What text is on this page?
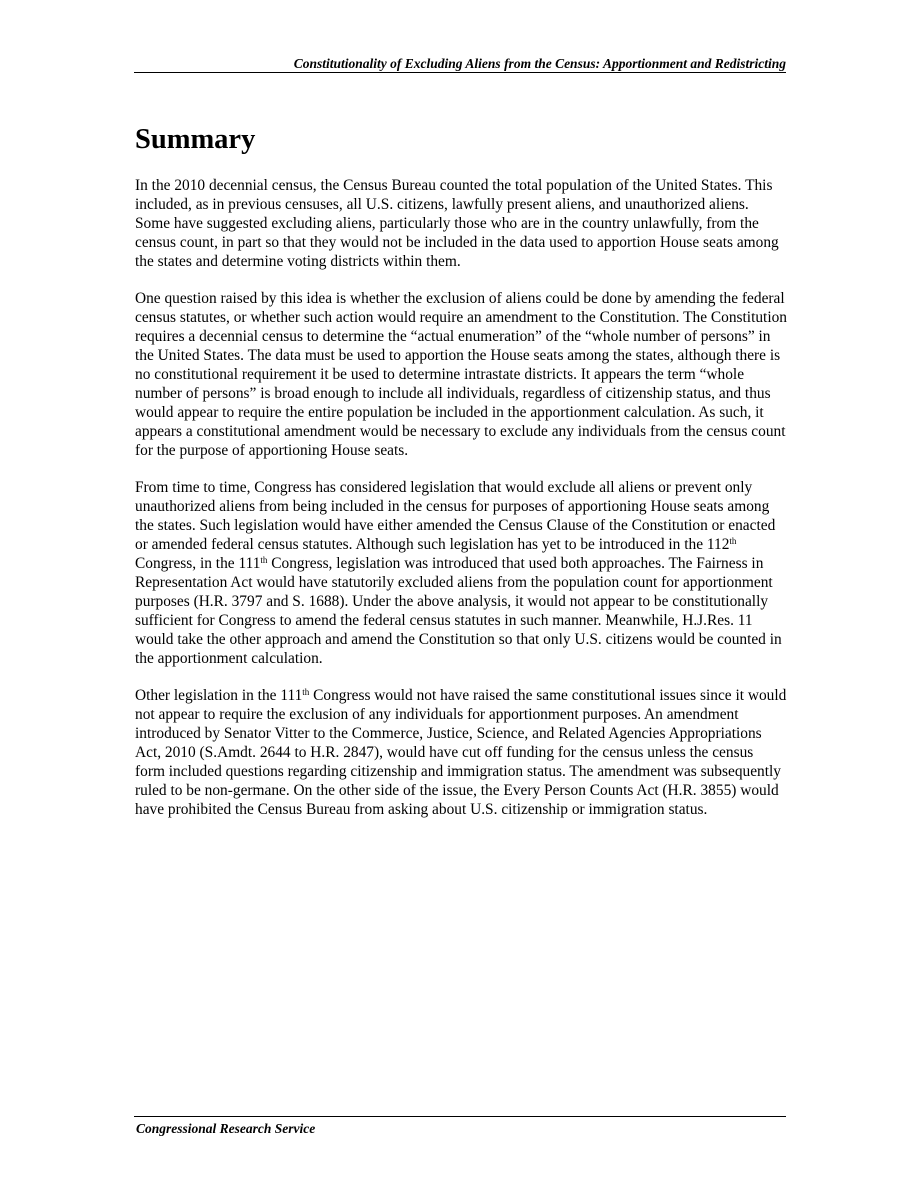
Constitutionality of Excluding Aliens from the Census: Apportionment and Redistricting
Summary

In the 2010 decennial census, the Census Bureau counted the total population of the United States. This included, as in previous censuses, all U.S. citizens, lawfully present aliens, and unauthorized aliens. Some have suggested excluding aliens, particularly those who are in the country unlawfully, from the census count, in part so that they would not be included in the data used to apportion House seats among the states and determine voting districts within them.

One question raised by this idea is whether the exclusion of aliens could be done by amending the federal census statutes, or whether such action would require an amendment to the Constitution. The Constitution requires a decennial census to determine the “actual enumeration” of the “whole number of persons” in the United States. The data must be used to apportion the House seats among the states, although there is no constitutional requirement it be used to determine intrastate districts. It appears the term “whole number of persons” is broad enough to include all individuals, regardless of citizenship status, and thus would appear to require the entire population be included in the apportionment calculation. As such, it appears a constitutional amendment would be necessary to exclude any individuals from the census count for the purpose of apportioning House seats.

From time to time, Congress has considered legislation that would exclude all aliens or prevent only unauthorized aliens from being included in the census for purposes of apportioning House seats among the states. Such legislation would have either amended the Census Clause of the Constitution or enacted or amended federal census statutes. Although such legislation has yet to be introduced in the 112th Congress, in the 111th Congress, legislation was introduced that used both approaches. The Fairness in Representation Act would have statutorily excluded aliens from the population count for apportionment purposes (H.R. 3797 and S. 1688). Under the above analysis, it would not appear to be constitutionally sufficient for Congress to amend the federal census statutes in such manner. Meanwhile, H.J.Res. 11 would take the other approach and amend the Constitution so that only U.S. citizens would be counted in the apportionment calculation.

Other legislation in the 111th Congress would not have raised the same constitutional issues since it would not appear to require the exclusion of any individuals for apportionment purposes. An amendment introduced by Senator Vitter to the Commerce, Justice, Science, and Related Agencies Appropriations Act, 2010 (S.Amdt. 2644 to H.R. 2847), would have cut off funding for the census unless the census form included questions regarding citizenship and immigration status. The amendment was subsequently ruled to be non-germane. On the other side of the issue, the Every Person Counts Act (H.R. 3855) would have prohibited the Census Bureau from asking about U.S. citizenship or immigration status.

Congressional Research Service
